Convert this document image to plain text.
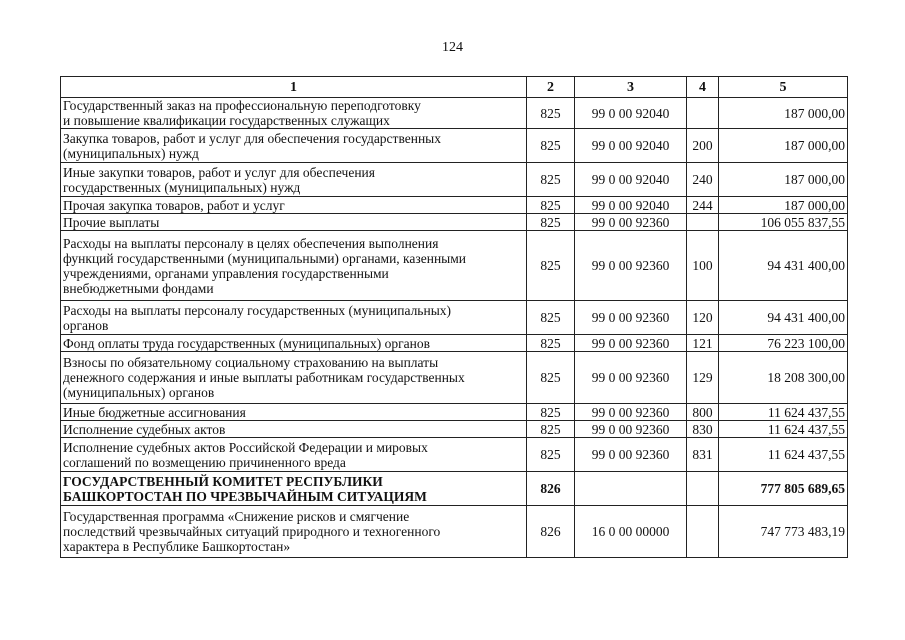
124
1	2	3	4	5
Государственный заказ на профессиональную переподготовку
и повышение квалификации государственных служащих	825	99 0 00 92040		187 000,00
Закупка товаров, работ и услуг для обеспечения государственных
(муниципальных) нужд	825	99 0 00 92040	200	187 000,00
Иные закупки товаров, работ и услуг для обеспечения
государственных (муниципальных) нужд	825	99 0 00 92040	240	187 000,00
Прочая закупка товаров, работ и услуг	825	99 0 00 92040	244	187 000,00
Прочие выплаты	825	99 0 00 92360		106 055 837,55
Расходы на выплаты персоналу в целях обеспечения выполнения
функций государственными (муниципальными) органами, казенными
учреждениями, органами управления государственными
внебюджетными фондами	825	99 0 00 92360	100	94 431 400,00
Расходы на выплаты персоналу государственных (муниципальных)
органов	825	99 0 00 92360	120	94 431 400,00
Фонд оплаты труда государственных (муниципальных) органов	825	99 0 00 92360	121	76 223 100,00
Взносы по обязательному социальному страхованию на выплаты
денежного содержания и иные выплаты работникам государственных
(муниципальных) органов	825	99 0 00 92360	129	18 208 300,00
Иные бюджетные ассигнования	825	99 0 00 92360	800	11 624 437,55
Исполнение судебных актов	825	99 0 00 92360	830	11 624 437,55
Исполнение судебных актов Российской Федерации и мировых
соглашений по возмещению причиненного вреда	825	99 0 00 92360	831	11 624 437,55
ГОСУДАРСТВЕННЫЙ КОМИТЕТ РЕСПУБЛИКИ
БАШКОРТОСТАН ПО ЧРЕЗВЫЧАЙНЫМ СИТУАЦИЯМ	826			777 805 689,65
Государственная программа «Снижение рисков и смягчение
последствий чрезвычайных ситуаций природного и техногенного
характера в Республике Башкортостан»	826	16 0 00 00000		747 773 483,19
